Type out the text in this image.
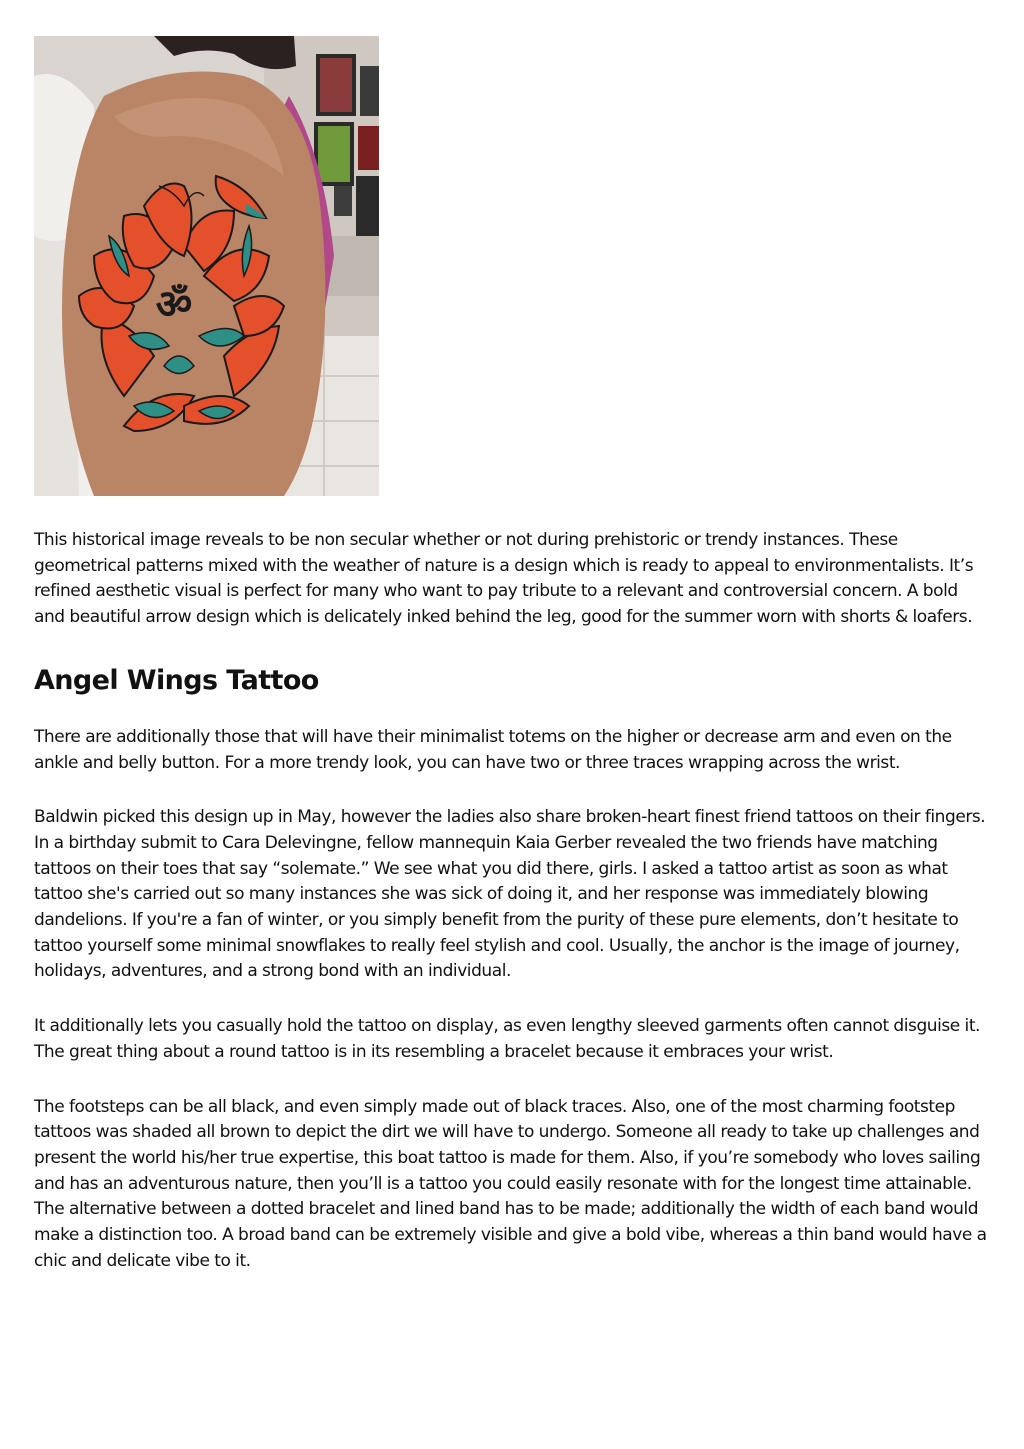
ॐ

This historical image reveals to be non secular whether or not during prehistoric or trendy instances. These geometrical patterns mixed with the weather of nature is a design which is ready to appeal to environmentalists. It’s refined aesthetic visual is perfect for many who want to pay tribute to a relevant and controversial concern. A bold and beautiful arrow design which is delicately inked behind the leg, good for the summer worn with shorts & loafers.

Angel Wings Tattoo

There are additionally those that will have their minimalist totems on the higher or decrease arm and even on the ankle and belly button. For a more trendy look, you can have two or three traces wrapping across the wrist.

Baldwin picked this design up in May, however the ladies also share broken-heart finest friend tattoos on their fingers. In a birthday submit to Cara Delevingne, fellow mannequin Kaia Gerber revealed the two friends have matching tattoos on their toes that say “solemate.” We see what you did there, girls. I asked a tattoo artist as soon as what tattoo she's carried out so many instances she was sick of doing it, and her response was immediately blowing dandelions. If you're a fan of winter, or you simply benefit from the purity of these pure elements, don’t hesitate to tattoo yourself some minimal snowflakes to really feel stylish and cool. Usually, the anchor is the image of journey, holidays, adventures, and a strong bond with an individual.

It additionally lets you casually hold the tattoo on display, as even lengthy sleeved garments often cannot disguise it. The great thing about a round tattoo is in its resembling a bracelet because it embraces your wrist.

The footsteps can be all black, and even simply made out of black traces. Also, one of the most charming footstep tattoos was shaded all brown to depict the dirt we will have to undergo. Someone all ready to take up challenges and present the world his/her true expertise, this boat tattoo is made for them. Also, if you’re somebody who loves sailing and has an adventurous nature, then you’ll is a tattoo you could easily resonate with for the longest time attainable. The alternative between a dotted bracelet and lined band has to be made; additionally the width of each band would make a distinction too. A broad band can be extremely visible and give a bold vibe, whereas a thin band would have a chic and delicate vibe to it.
